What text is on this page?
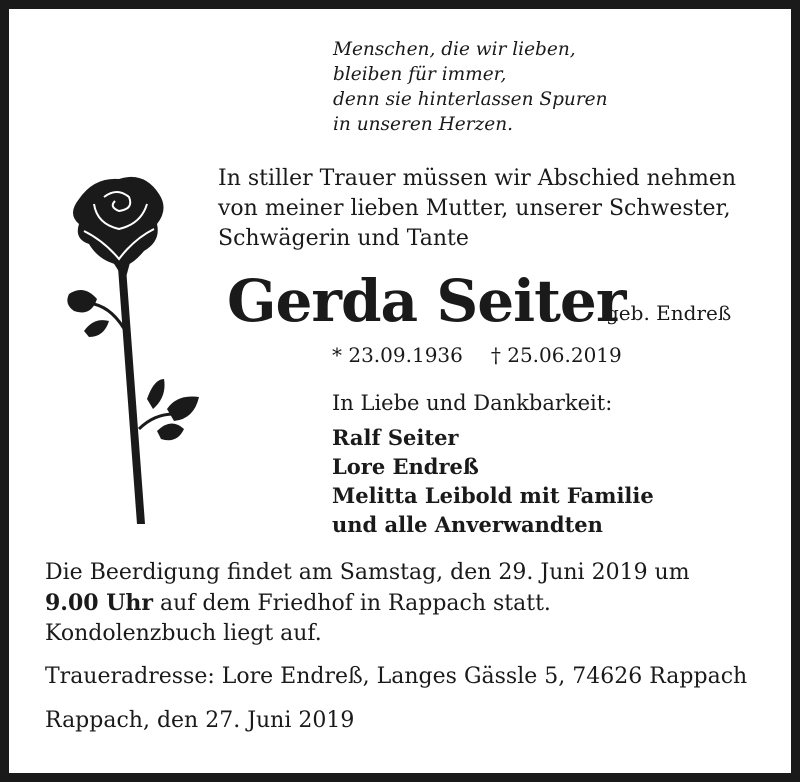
Menschen, die wir lieben,
bleiben für immer,
denn sie hinterlassen Spuren
in unseren Herzen.
In stiller Trauer müssen wir Abschied nehmen
von meiner lieben Mutter, unserer Schwester,
Schwägerin und Tante
Gerda Seiter
geb. Endreß
* 23.09.1936 † 25.06.2019
In Liebe und Dankbarkeit:
Ralf Seiter
Lore Endreß
Melitta Leibold mit Familie
und alle Anverwandten
Die Beerdigung findet am Samstag, den 29. Juni 2019 um
9.00 Uhr auf dem Friedhof in Rappach statt.
Kondolenzbuch liegt auf.
Traueradresse: Lore Endreß, Langes Gässle 5, 74626 Rappach
Rappach, den 27. Juni 2019
